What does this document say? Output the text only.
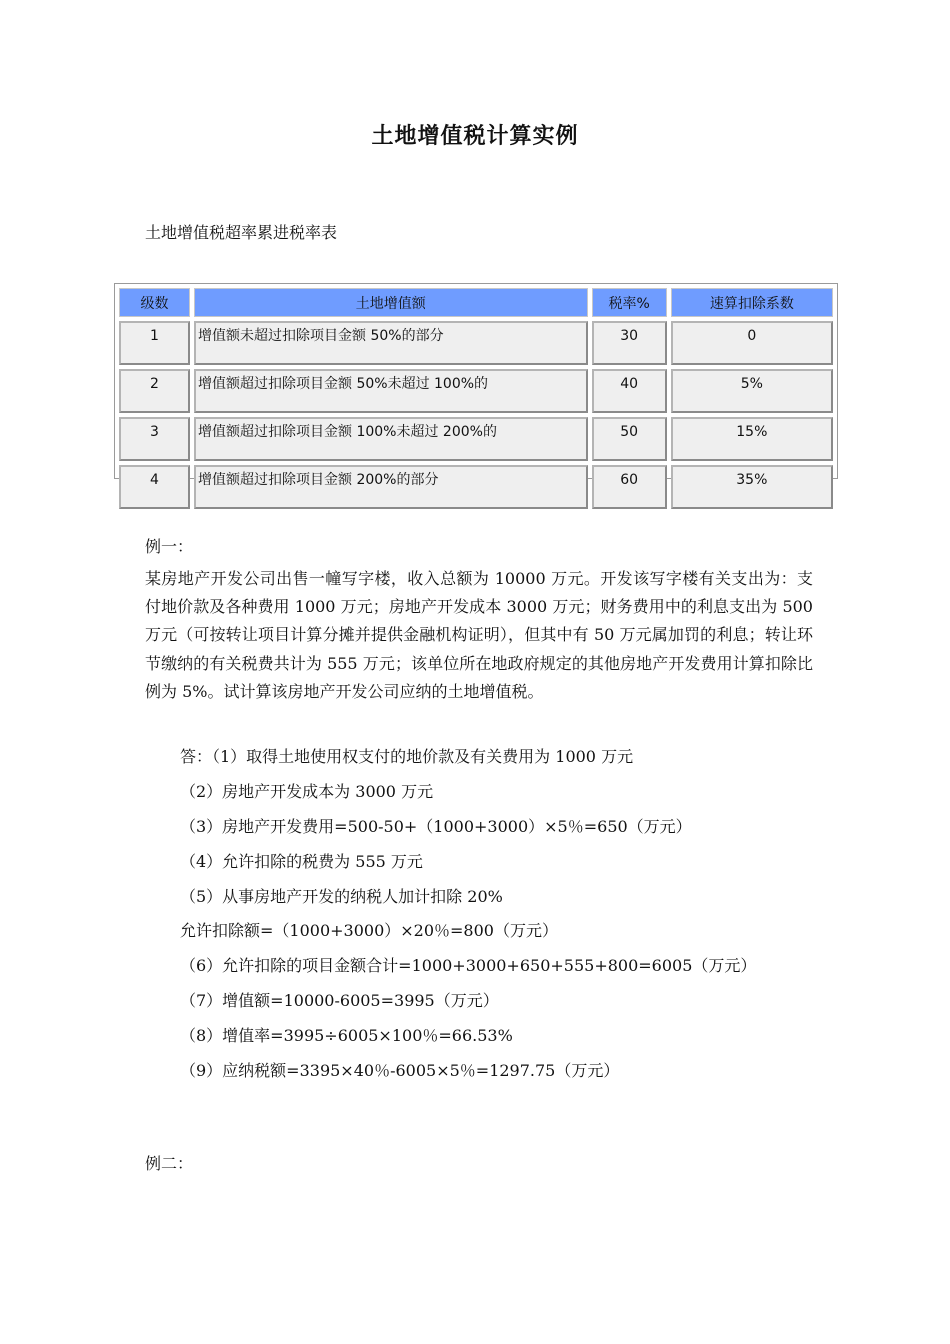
土地增值税计算实例
土地增值税超率累进税率表
级数	土地增值额	税率%	速算扣除系数
1	增值额未超过扣除项目金额 50%的部分	30	0
2	增值额超过扣除项目金额 50%未超过 100%的	40	5%
3	增值额超过扣除项目金额 100%未超过 200%的	50	15%
4	增值额超过扣除项目金额 200%的部分	60	35%
例一：
某房地产开发公司出售一幢写字楼，收入总额为 10000 万元。开发该写字楼有关支出为：支付地价款及各种费用 1000 万元；房地产开发成本 3000 万元；财务费用中的利息支出为 500 万元（可按转让项目计算分摊并提供金融机构证明），但其中有 50 万元属加罚的利息；转让环节缴纳的有关税费共计为 555 万元；该单位所在地政府规定的其他房地产开发费用计算扣除比例为 5%。试计算该房地产开发公司应纳的土地增值税。
答：（1）取得土地使用权支付的地价款及有关费用为 1000 万元
（2）房地产开发成本为 3000 万元
（3）房地产开发费用=500-50+（1000+3000）×5％=650（万元）
（4）允许扣除的税费为 555 万元
（5）从事房地产开发的纳税人加计扣除 20%
允许扣除额=（1000+3000）×20％=800（万元）
（6）允许扣除的项目金额合计=1000+3000+650+555+800=6005（万元）
（7）增值额=10000-6005=3995（万元）
（8）增值率=3995÷6005×100％=66.53%
（9）应纳税额=3395×40％-6005×5％=1297.75（万元）
例二：
